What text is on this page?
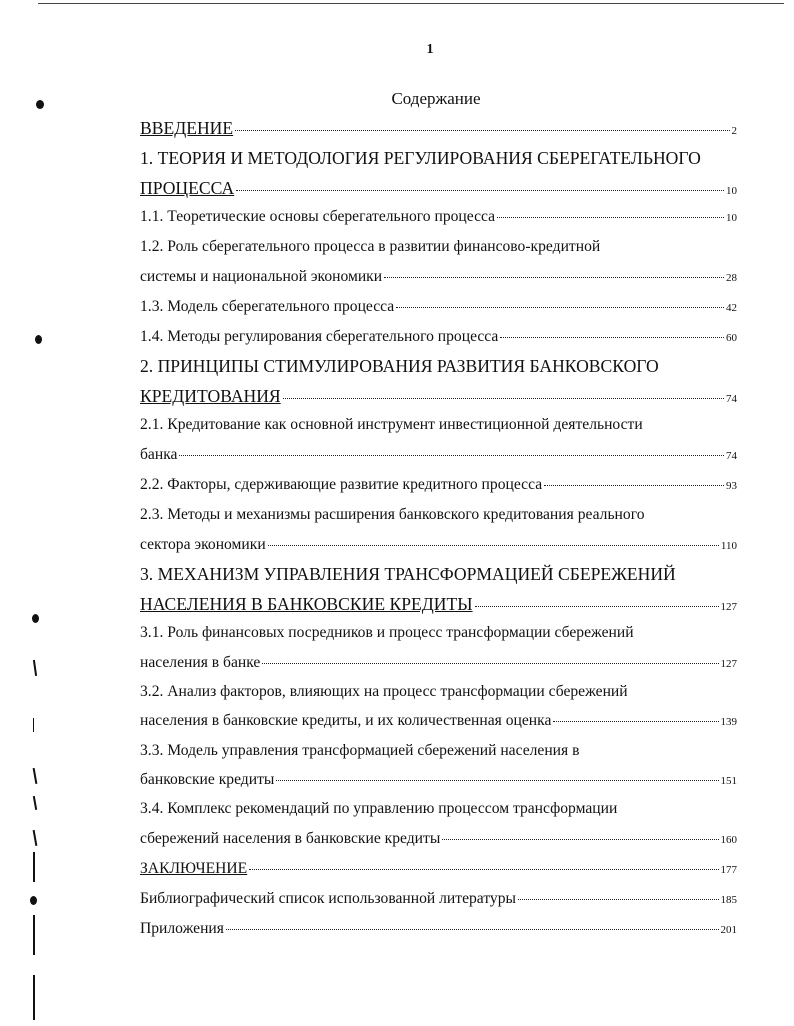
1
Содержание
ВВЕДЕНИЕ	2
1. ТЕОРИЯ И МЕТОДОЛОГИЯ РЕГУЛИРОВАНИЯ СБЕРЕГАТЕЛЬНОГО
ПРОЦЕССА	10
1.1. Теоретические основы сберегательного процесса	10
1.2. Роль сберегательного процесса в развитии финансово-кредитной
системы и национальной экономики	28
1.3. Модель сберегательного процесса	42
1.4. Методы регулирования сберегательного процесса	60
2. ПРИНЦИПЫ СТИМУЛИРОВАНИЯ РАЗВИТИЯ БАНКОВСКОГО
КРЕДИТОВАНИЯ	74
2.1. Кредитование как основной инструмент инвестиционной деятельности
банка	74
2.2. Факторы, сдерживающие развитие кредитного процесса	93
2.3. Методы и механизмы расширения банковского кредитования реального
сектора экономики	110
3. МЕХАНИЗМ УПРАВЛЕНИЯ ТРАНСФОРМАЦИЕЙ СБЕРЕЖЕНИЙ
НАСЕЛЕНИЯ В БАНКОВСКИЕ КРЕДИТЫ	127
3.1. Роль финансовых посредников и процесс трансформации сбережений
населения в банке	127
3.2. Анализ факторов, влияющих на процесс трансформации сбережений
населения в банковские кредиты, и их количественная оценка	139
3.3. Модель управления трансформацией сбережений населения в
банковские кредиты	151
3.4. Комплекс рекомендаций по управлению процессом трансформации
сбережений населения в банковские кредиты	160
ЗАКЛЮЧЕНИЕ	177
Библиографический список использованной литературы	185
Приложения	201
